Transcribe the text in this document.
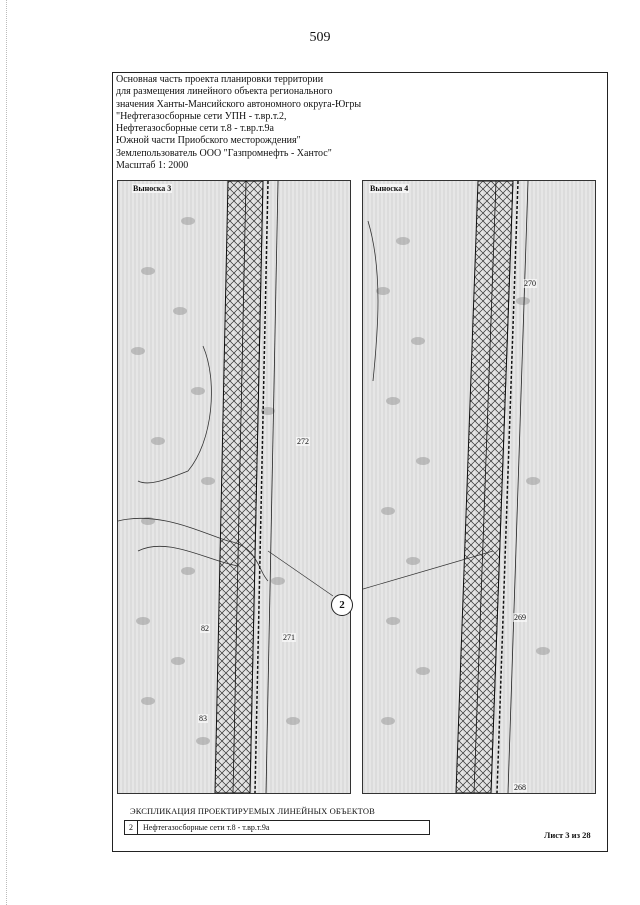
509
Основная часть проекта планировки территории
для размещения линейного объекта регионального
значения Ханты-Мансийского автономного округа-Югры
"Нефтегазосборные сети УПН - т.вр.т.2,
Нефтегазосборные сети т.8 - т.вр.т.9а
Южной части Приобского месторождения"
Землепользователь ООО "Газпромнефть - Хантос"
Масштаб 1: 2000
Выноска 3
272
271
82
83
Выноска 4
270
269
268
2
ЭКСПЛИКАЦИЯ ПРОЕКТИРУЕМЫХ ЛИНЕЙНЫХ ОБЪЕКТОВ
2	Нефтегазосборные сети т.8 - т.вр.т.9а
Лист 3 из 28
